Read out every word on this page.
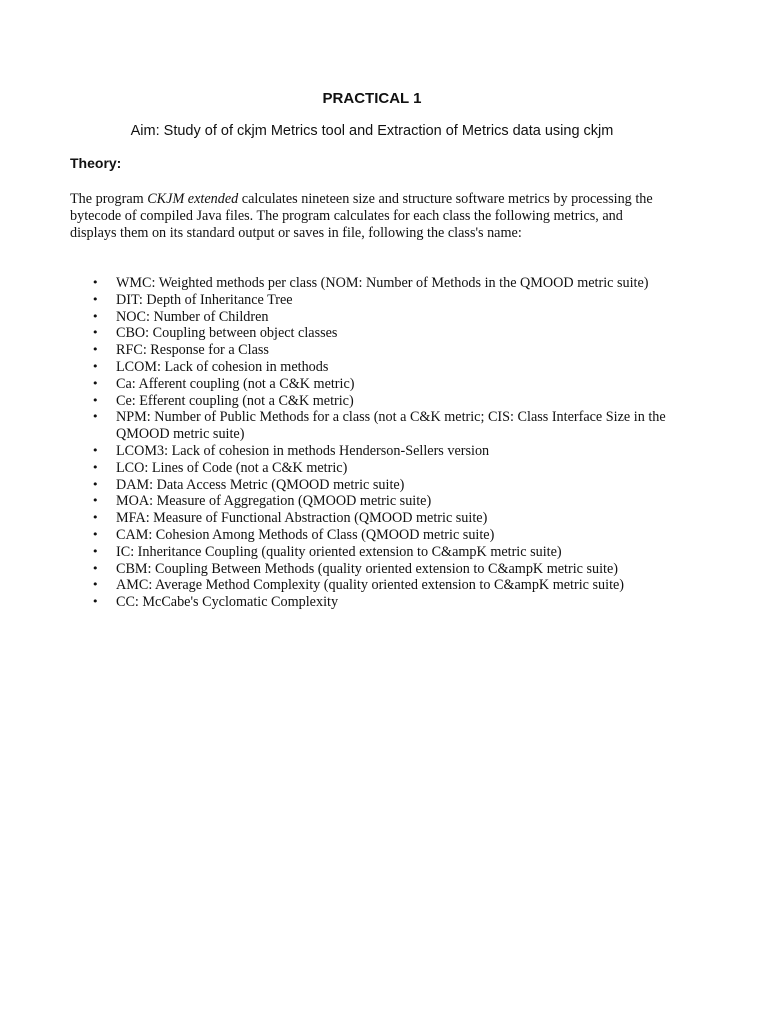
PRACTICAL 1
Aim: Study of of ckjm Metrics tool and Extraction of Metrics data using ckjm
Theory:

The program CKJM extended calculates nineteen size and structure software metrics by processing the bytecode of compiled Java files. The program calculates for each class the following metrics, and displays them on its standard output or saves in file, following the class's name:

• WMC: Weighted methods per class (NOM: Number of Methods in the QMOOD metric suite)
• DIT: Depth of Inheritance Tree
• NOC: Number of Children
• CBO: Coupling between object classes
• RFC: Response for a Class
• LCOM: Lack of cohesion in methods
• Ca: Afferent coupling (not a C&K metric)
• Ce: Efferent coupling (not a C&K metric)
• NPM: Number of Public Methods for a class (not a C&K metric; CIS: Class Interface Size in the QMOOD metric suite)
• LCOM3: Lack of cohesion in methods Henderson-Sellers version
• LCO: Lines of Code (not a C&K metric)
• DAM: Data Access Metric (QMOOD metric suite)
• MOA: Measure of Aggregation (QMOOD metric suite)
• MFA: Measure of Functional Abstraction (QMOOD metric suite)
• CAM: Cohesion Among Methods of Class (QMOOD metric suite)
• IC: Inheritance Coupling (quality oriented extension to C&ampK metric suite)
• CBM: Coupling Between Methods (quality oriented extension to C&ampK metric suite)
• AMC: Average Method Complexity (quality oriented extension to C&ampK metric suite)
• CC: McCabe's Cyclomatic Complexity
